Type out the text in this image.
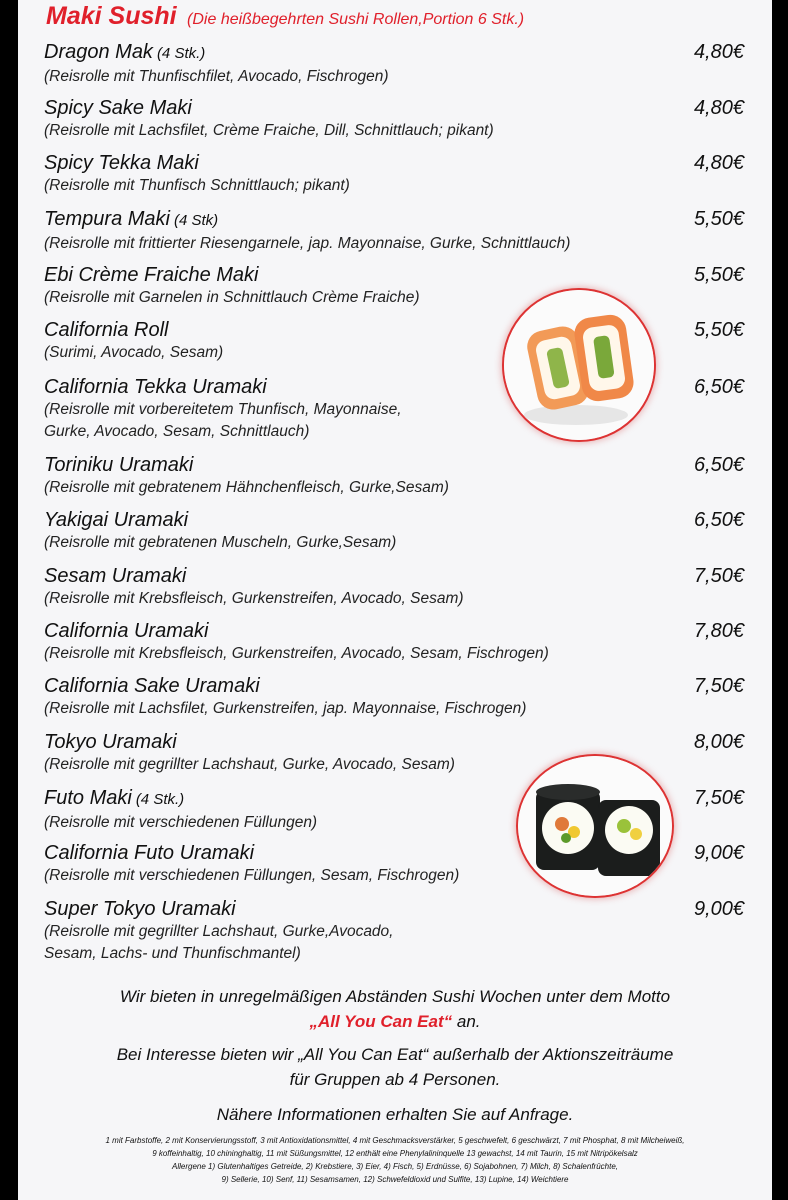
Maki Sushi (Die heißbegehrten Sushi Rollen,Portion 6 Stk.)
Dragon Mak (4 Stk.)
(Reisrolle mit Thunfischfilet, Avocado, Fischrogen)
4,80€
Spicy Sake Maki
(Reisrolle mit Lachsfilet, Crème Fraiche, Dill, Schnittlauch; pikant)
4,80€
Spicy Tekka Maki
(Reisrolle mit Thunfisch Schnittlauch; pikant)
4,80€
Tempura Maki (4 Stk)
(Reisrolle mit frittierter Riesengarnele, jap. Mayonnaise, Gurke, Schnittlauch)
5,50€
Ebi Crème Fraiche Maki
(Reisrolle mit Garnelen in Schnittlauch Crème Fraiche)
5,50€
California Roll
(Surimi, Avocado, Sesam)
5,50€
California Tekka Uramaki
(Reisrolle mit vorbereitetem Thunfisch, Mayonnaise,
Gurke, Avocado, Sesam, Schnittlauch)
6,50€
Toriniku Uramaki
(Reisrolle mit gebratenem Hähnchenfleisch, Gurke,Sesam)
6,50€
Yakigai Uramaki
(Reisrolle mit gebratenen Muscheln, Gurke,Sesam)
6,50€
Sesam Uramaki
(Reisrolle mit Krebsfleisch, Gurkenstreifen, Avocado, Sesam)
7,50€
California Uramaki
(Reisrolle mit Krebsfleisch, Gurkenstreifen, Avocado, Sesam, Fischrogen)
7,80€
California Sake Uramaki
(Reisrolle mit Lachsfilet, Gurkenstreifen, jap. Mayonnaise, Fischrogen)
7,50€
Tokyo Uramaki
(Reisrolle mit gegrillter Lachshaut, Gurke, Avocado, Sesam)
8,00€
Futo Maki (4 Stk.)
(Reisrolle mit verschiedenen Füllungen)
7,50€
California Futo Uramaki
(Reisrolle mit verschiedenen Füllungen, Sesam, Fischrogen)
9,00€
Super Tokyo Uramaki
(Reisrolle mit gegrillter Lachshaut, Gurke,Avocado,
Sesam, Lachs- und Thunfischmantel)
9,00€
Wir bieten in unregelmäßigen Abständen Sushi Wochen unter dem Motto
„All You Can Eat“ an.
Bei Interesse bieten wir „All You Can Eat“ außerhalb der Aktionszeiträume
für Gruppen ab 4 Personen.
Nähere Informationen erhalten Sie auf Anfrage.
1 mit Farbstoffe, 2 mit Konservierungsstoff, 3 mit Antioxidationsmittel, 4 mit Geschmacksverstärker, 5 geschwefelt, 6 geschwärzt, 7 mit Phosphat, 8 mit Milcheiweiß,
9 koffeinhaltig, 10 chininghaltig, 11 mit Süßungsmittel, 12 enthält eine Phenylalininquelle 13 gewachst, 14 mit Taurin, 15 mit Nitripökelsalz
Allergene 1) Glutenhaltiges Getreide, 2) Krebstiere, 3) Eier, 4) Fisch, 5) Erdnüsse, 6) Sojabohnen, 7) Milch, 8) Schalenfrüchte,
9) Sellerie, 10) Senf, 11) Sesamsamen, 12) Schwefeldioxid und Sulfite, 13) Lupine, 14) Weichtiere
